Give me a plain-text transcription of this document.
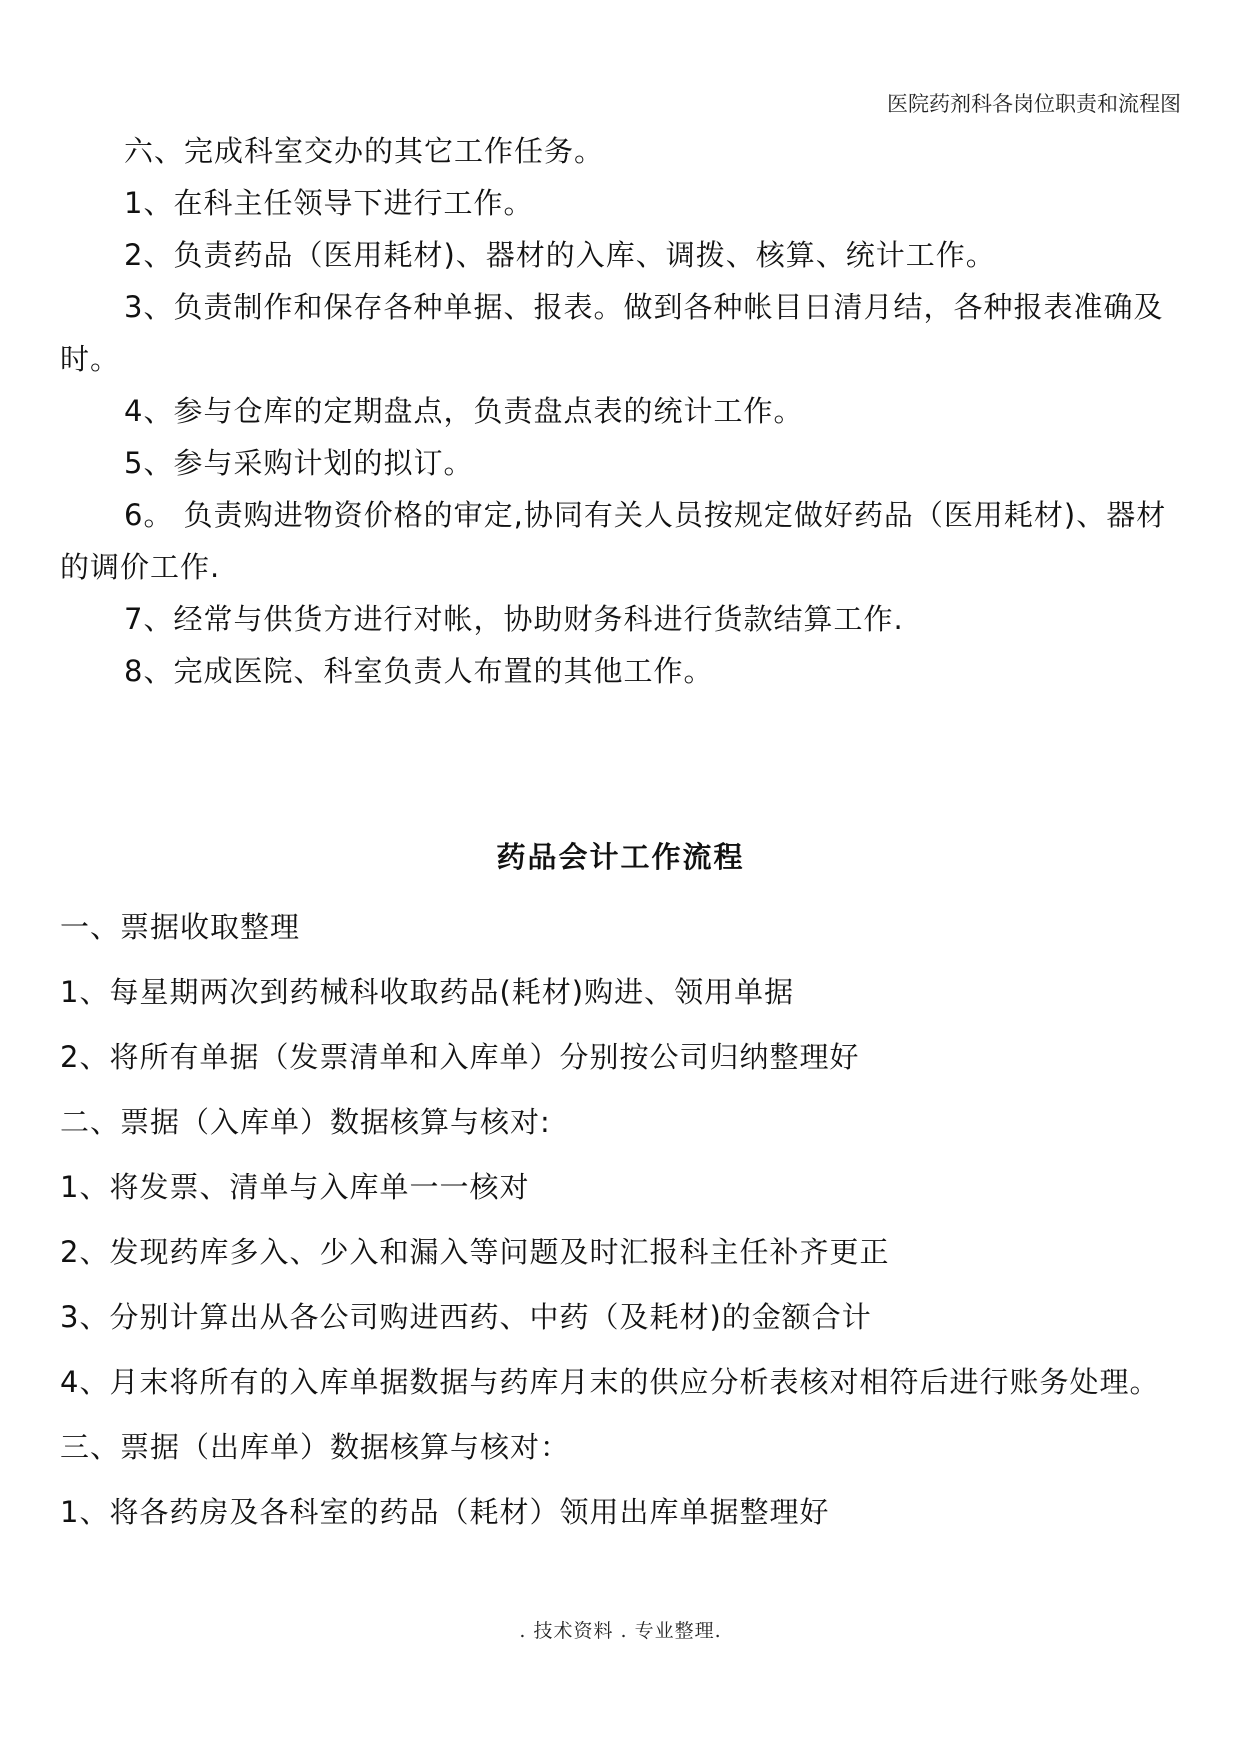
医院药剂科各岗位职责和流程图

六、完成科室交办的其它工作任务。

1、在科主任领导下进行工作。

2、负责药品（医用耗材)、器材的入库、调拨、核算、统计工作。

3、负责制作和保存各种单据、报表。做到各种帐目日清月结，各种报表准确及时。

4、参与仓库的定期盘点，负责盘点表的统计工作。

5、参与采购计划的拟订。

6。 负责购进物资价格的审定,协同有关人员按规定做好药品（医用耗材)、器材的调价工作.

7、经常与供货方进行对帐，协助财务科进行货款结算工作.

8、完成医院、科室负责人布置的其他工作。

药品会计工作流程

一、票据收取整理

1、每星期两次到药械科收取药品(耗材)购进、领用单据

2、将所有单据（发票清单和入库单）分别按公司归纳整理好

二、票据（入库单）数据核算与核对:

1、将发票、清单与入库单一一核对

2、发现药库多入、少入和漏入等问题及时汇报科主任补齐更正

3、分别计算出从各公司购进西药、中药（及耗材)的金额合计

4、月末将所有的入库单据数据与药库月末的供应分析表核对相符后进行账务处理。

三、票据（出库单）数据核算与核对：

1、将各药房及各科室的药品（耗材）领用出库单据整理好

. 技术资料 . 专业整理.
